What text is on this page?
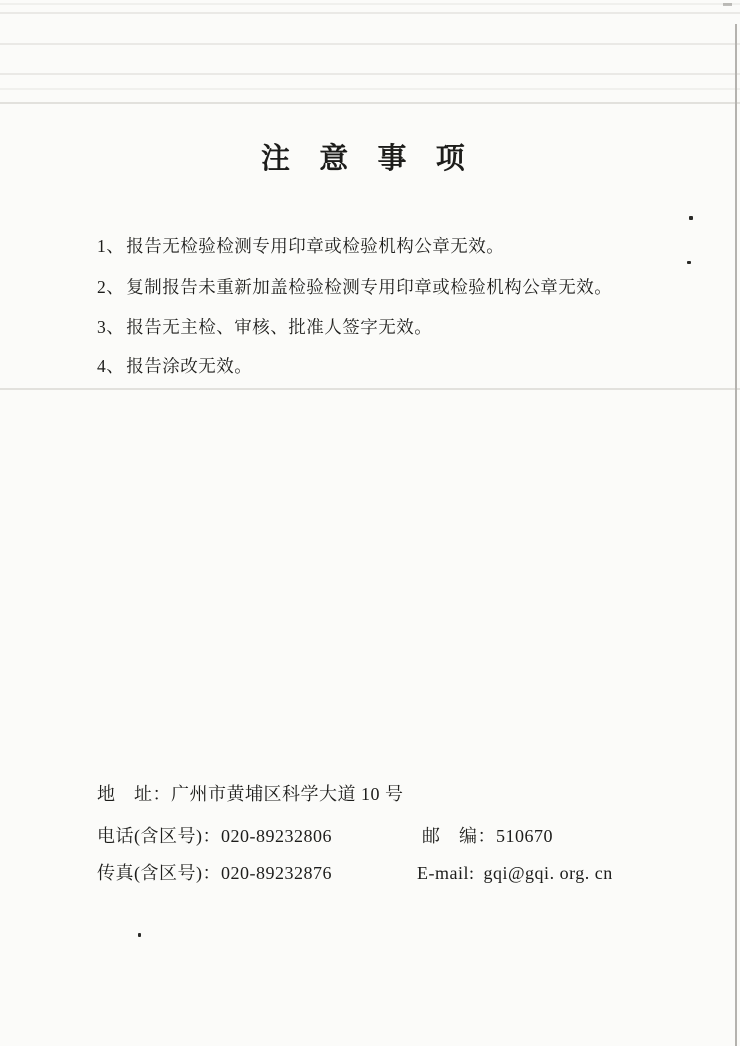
注 意 事 项

1、 报告无检验检测专用印章或检验机构公章无效。

2、 复制报告未重新加盖检验检测专用印章或检验机构公章无效。

3、 报告无主检、审核、批准人签字无效。

4、 报告涂改无效。

地　址：广州市黄埔区科学大道 10 号

电话(含区号)：020-89232806	邮　编：510670

传真(含区号)：020-89232876	E-mail: gqi@gqi. org. cn
